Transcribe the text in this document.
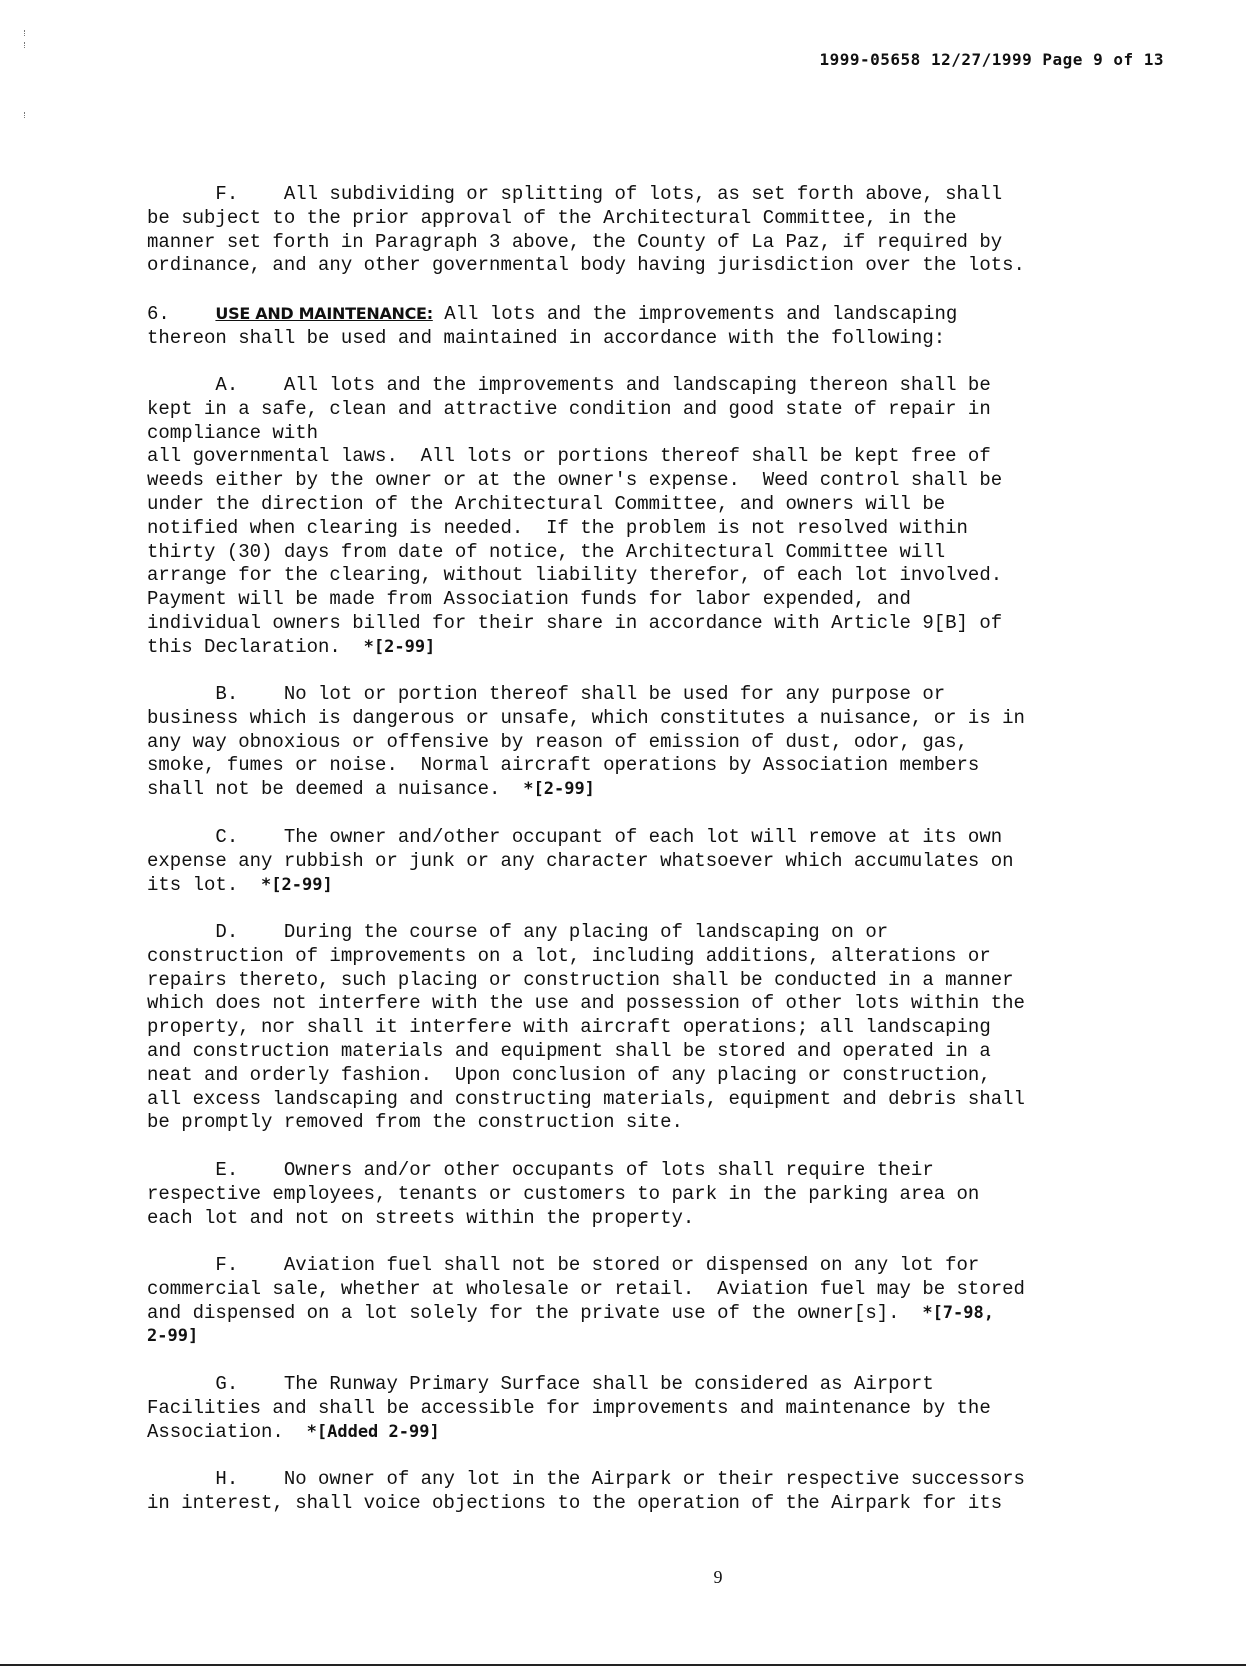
1999-05658 12/27/1999 Page 9 of 13
F.    All subdividing or splitting of lots, as set forth above, shall
be subject to the prior approval of the Architectural Committee, in the
manner set forth in Paragraph 3 above, the County of La Paz, if required by
ordinance, and any other governmental body having jurisdiction over the lots.
6.    USE AND MAINTENANCE: All lots and the improvements and landscaping
thereon shall be used and maintained in accordance with the following:
A.    All lots and the improvements and landscaping thereon shall be
kept in a safe, clean and attractive condition and good state of repair in
compliance with
all governmental laws.  All lots or portions thereof shall be kept free of
weeds either by the owner or at the owner's expense.  Weed control shall be
under the direction of the Architectural Committee, and owners will be
notified when clearing is needed.  If the problem is not resolved within
thirty (30) days from date of notice, the Architectural Committee will
arrange for the clearing, without liability therefor, of each lot involved.
Payment will be made from Association funds for labor expended, and
individual owners billed for their share in accordance with Article 9[B] of
this Declaration.  *[2-99]
B.    No lot or portion thereof shall be used for any purpose or
business which is dangerous or unsafe, which constitutes a nuisance, or is in
any way obnoxious or offensive by reason of emission of dust, odor, gas,
smoke, fumes or noise.  Normal aircraft operations by Association members
shall not be deemed a nuisance.  *[2-99]
C.    The owner and/other occupant of each lot will remove at its own
expense any rubbish or junk or any character whatsoever which accumulates on
its lot.  *[2-99]
D.    During the course of any placing of landscaping on or
construction of improvements on a lot, including additions, alterations or
repairs thereto, such placing or construction shall be conducted in a manner
which does not interfere with the use and possession of other lots within the
property, nor shall it interfere with aircraft operations; all landscaping
and construction materials and equipment shall be stored and operated in a
neat and orderly fashion.  Upon conclusion of any placing or construction,
all excess landscaping and constructing materials, equipment and debris shall
be promptly removed from the construction site.
E.    Owners and/or other occupants of lots shall require their
respective employees, tenants or customers to park in the parking area on
each lot and not on streets within the property.
F.    Aviation fuel shall not be stored or dispensed on any lot for
commercial sale, whether at wholesale or retail.  Aviation fuel may be stored
and dispensed on a lot solely for the private use of the owner[s].  *[7-98,
2-99]
G.    The Runway Primary Surface shall be considered as Airport
Facilities and shall be accessible for improvements and maintenance by the
Association.  *[Added 2-99]
H.    No owner of any lot in the Airpark or their respective successors
in interest, shall voice objections to the operation of the Airpark for its
9
